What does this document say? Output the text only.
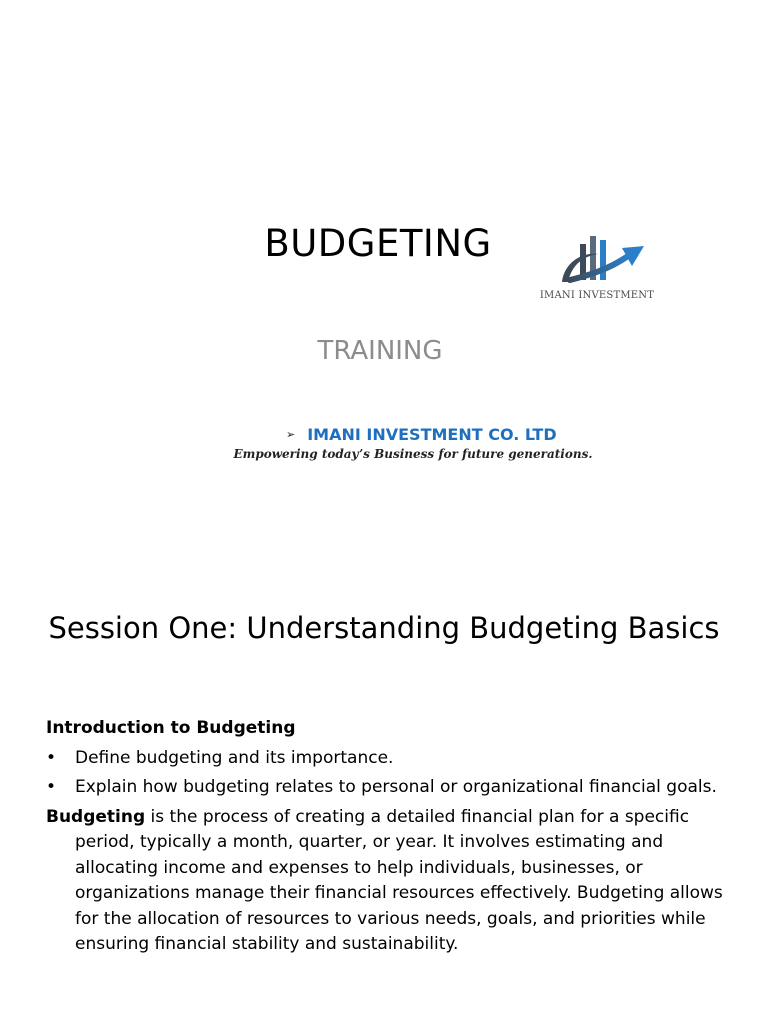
BUDGETING
IMANI INVESTMENT
TRAINING
➢ IMANI INVESTMENT CO. LTD
Empowering today’s Business for future generations.
Session One: Understanding Budgeting Basics

Introduction to Budgeting

• Define budgeting and its importance.
• Explain how budgeting relates to personal or organizational financial goals.

Budgeting is the process of creating a detailed financial plan for a specific period, typically a month, quarter, or year. It involves estimating and allocating income and expenses to help individuals, businesses, or organizations manage their financial resources effectively. Budgeting allows for the allocation of resources to various needs, goals, and priorities while ensuring financial stability and sustainability.
